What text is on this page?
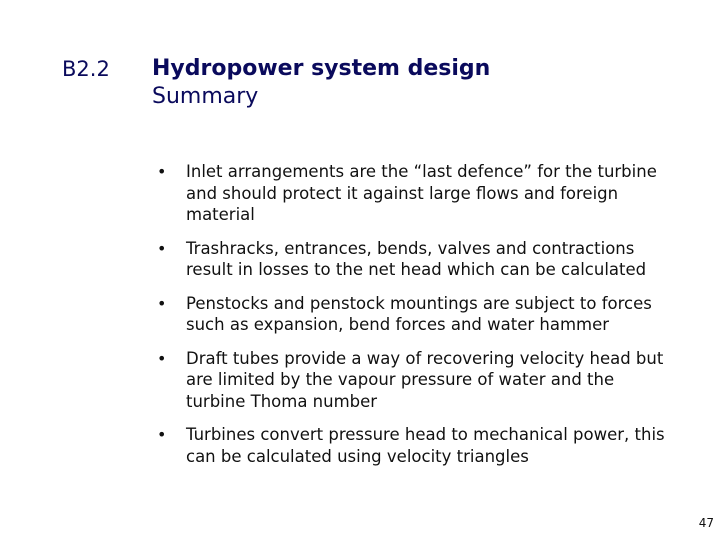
B2.2 Hydropower system design
Summary
• Inlet arrangements are the “last defence” for the turbine and should protect it against large flows and foreign material
• Trashracks, entrances, bends, valves and contractions result in losses to the net head which can be calculated
• Penstocks and penstock mountings are subject to forces such as expansion, bend forces and water hammer
• Draft tubes provide a way of recovering velocity head but are limited by the vapour pressure of water and the turbine Thoma number
• Turbines convert pressure head to mechanical power, this can be calculated using velocity triangles
47
